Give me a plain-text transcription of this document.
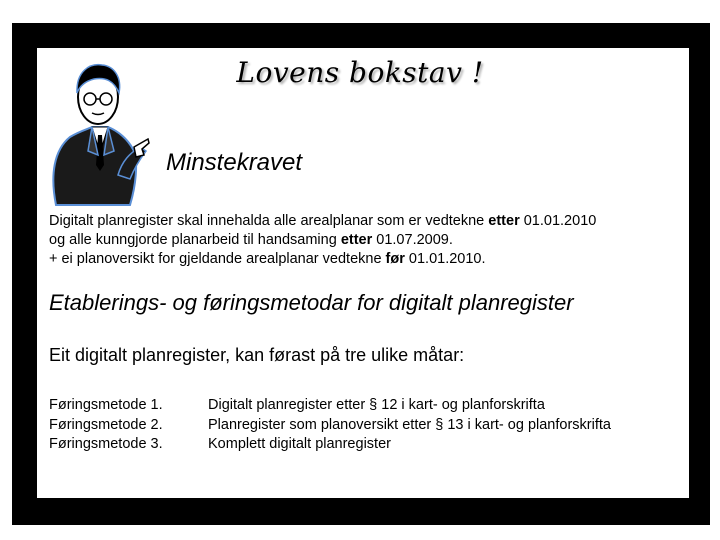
Lovens bokstav !
Minstekravet
Digitalt planregister skal innehalda alle arealplanar som er vedtekne etter 01.01.2010
og alle kunngjorde planarbeid til handsaming etter 01.07.2009.
+ ei planoversikt for gjeldande arealplanar vedtekne før 01.01.2010.
Etablerings- og føringsmetodar for digitalt planregister
Eit digitalt planregister, kan førast på tre ulike måtar:
Føringsmetode 1.	Digitalt planregister etter § 12 i kart- og planforskrifta
Føringsmetode 2.	Planregister som planoversikt etter § 13 i kart- og planforskrifta
Føringsmetode 3.	Komplett digitalt planregister
